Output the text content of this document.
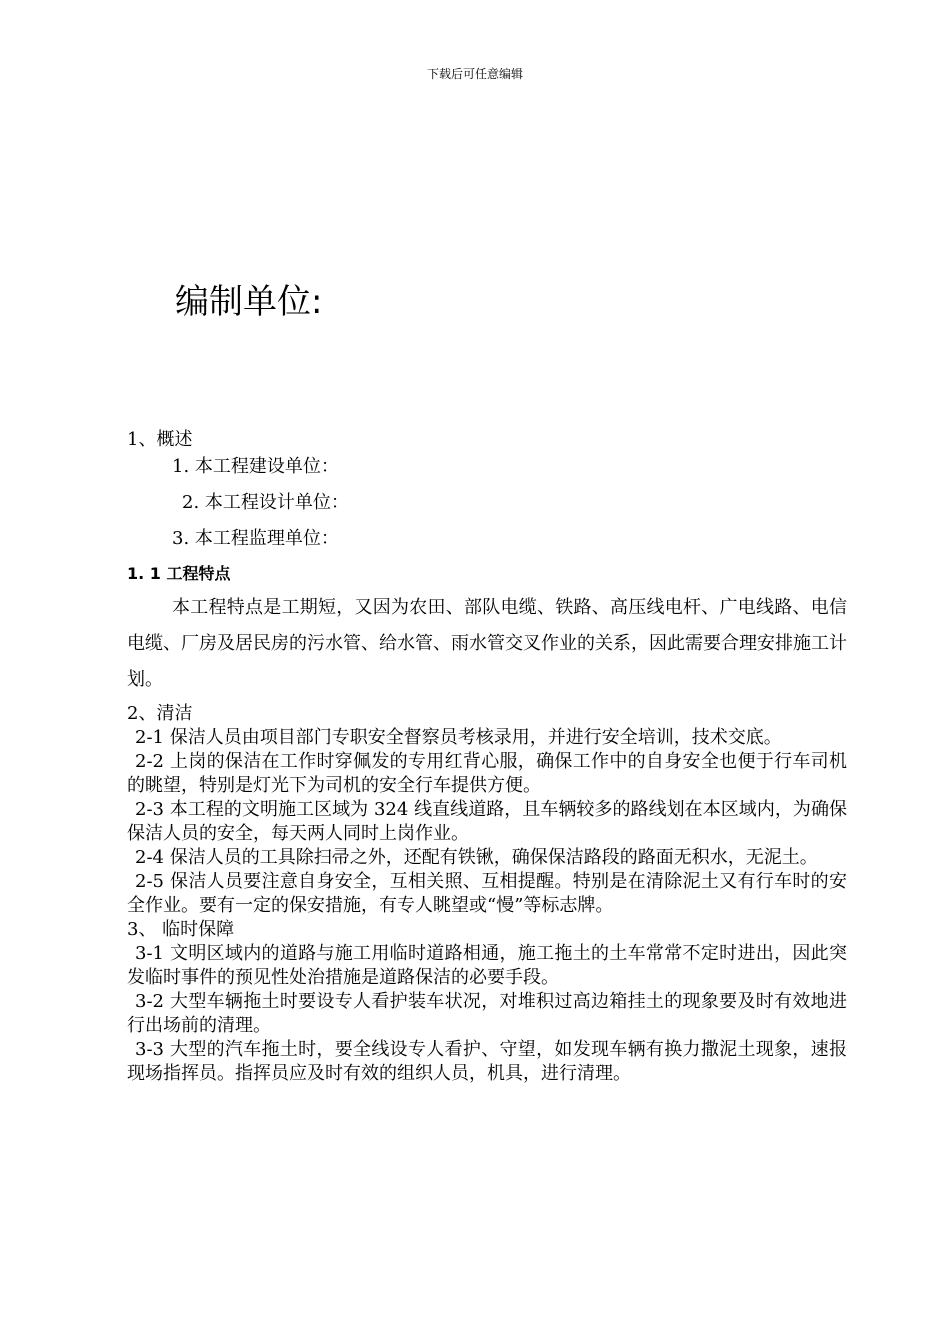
下载后可任意编辑
编制单位:
1、概述
1. 本工程建设单位：
2. 本工程设计单位：
3. 本工程监理单位：
1. 1 工程特点
本工程特点是工期短，又因为农田、部队电缆、铁路、高压线电杆、广电线路、电信电缆、厂房及居民房的污水管、给水管、雨水管交叉作业的关系，因此需要合理安排施工计划。
2、清洁
2-1 保洁人员由项目部门专职安全督察员考核录用，并进行安全培训，技术交底。
2-2 上岗的保洁在工作时穿佩发的专用红背心服，确保工作中的自身安全也便于行车司机的眺望，特别是灯光下为司机的安全行车提供方便。
2-3 本工程的文明施工区域为 324 线直线道路，且车辆较多的路线划在本区域内，为确保保洁人员的安全，每天两人同时上岗作业。
2-4 保洁人员的工具除扫帚之外，还配有铁锹，确保保洁路段的路面无积水，无泥土。
2-5 保洁人员要注意自身安全，互相关照、互相提醒。特别是在清除泥土又有行车时的安全作业。要有一定的保安措施，有专人眺望或“慢”等标志牌。
3、 临时保障
3-1 文明区域内的道路与施工用临时道路相通，施工拖土的土车常常不定时进出，因此突发临时事件的预见性处治措施是道路保洁的必要手段。
3-2 大型车辆拖土时要设专人看护装车状况，对堆积过高边箱挂土的现象要及时有效地进行出场前的清理。
3-3 大型的汽车拖土时，要全线设专人看护、守望，如发现车辆有换力撒泥土现象，速报现场指挥员。指挥员应及时有效的组织人员，机具，进行清理。
